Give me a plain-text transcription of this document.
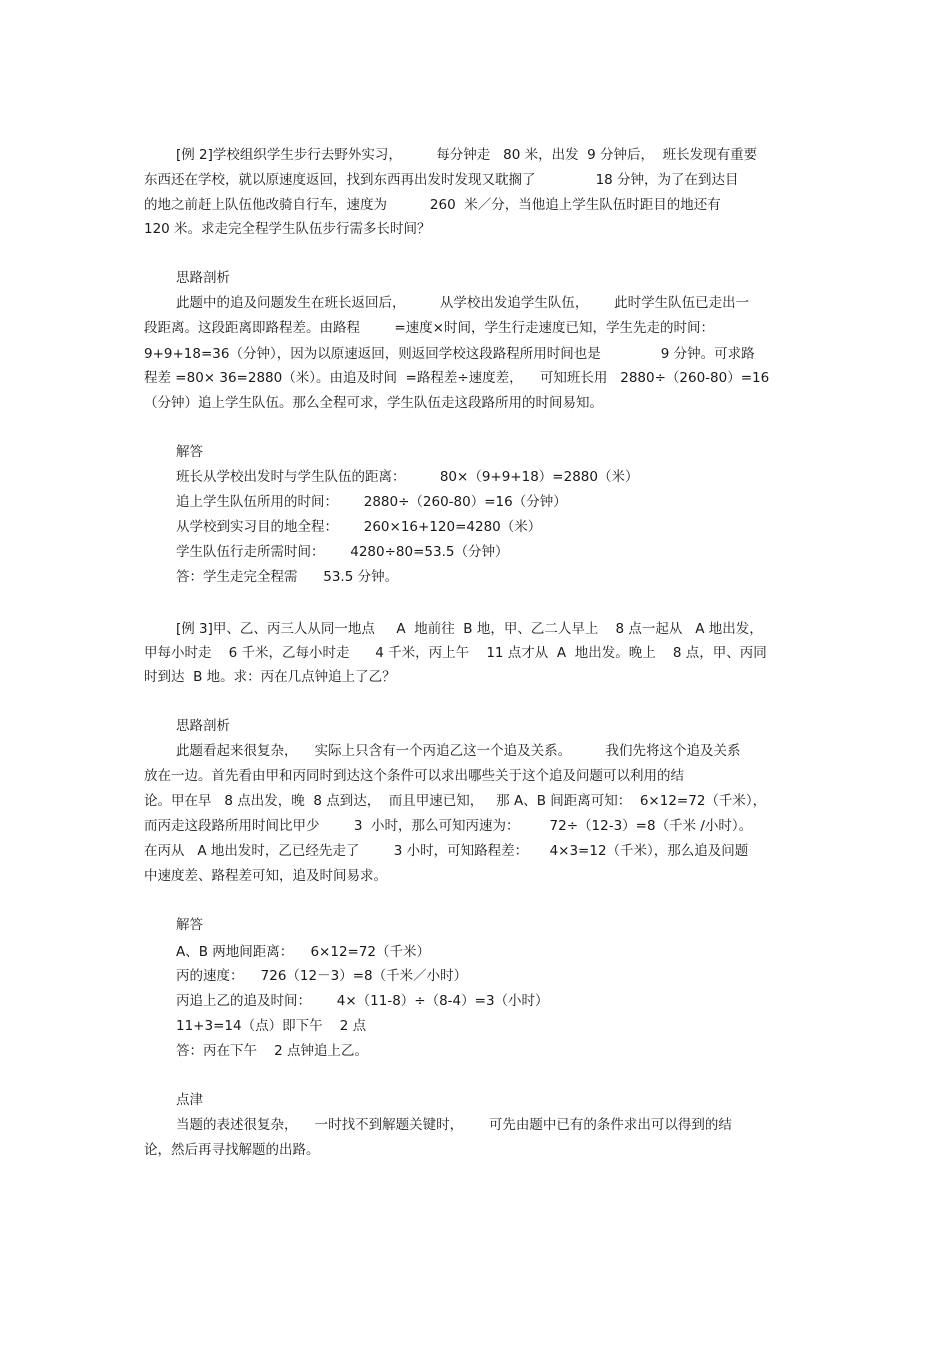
[例 2]学校组织学生步行去野外实习，        每分钟走   80 米，出发  9 分钟后，  班长发现有重要
东西还在学校，就以原速度返回，找到东西再出发时发现又耽搁了              18 分钟，为了在到达目
的地之前赶上队伍他改骑自行车，速度为          260  米／分，当他追上学生队伍时距目的地还有
120 米。求走完全程学生队伍步行需多长时间？
思路剖析
此题中的追及问题发生在班长返回后，        从学校出发追学生队伍，      此时学生队伍已走出一
段距离。这段距离即路程差。由路程        =速度×时间，学生行走速度已知，学生先走的时间：
9+9+18=36（分钟），因为以原速返回，则返回学校这段路程所用时间也是              9 分钟。可求路
程差 =80× 36=2880（米）。由追及时间  =路程差÷速度差，    可知班长用   2880÷（260-80）=16
（分钟）追上学生队伍。那么全程可求，学生队伍走这段路所用的时间易知。
解答
班长从学校出发时与学生队伍的距离：        80×（9+9+18）=2880（米）
追上学生队伍所用的时间：      2880÷（260-80）=16（分钟）
从学校到实习目的地全程：      260×16+120=4280（米）
学生队伍行走所需时间：      4280÷80=53.5（分钟）
答：学生走完全程需      53.5 分钟。
[例 3]甲、乙、丙三人从同一地点     A  地前往  B 地，甲、乙二人早上    8 点一起从   A 地出发，
甲每小时走    6 千米，乙每小时走      4 千米，丙上午    11 点才从  A  地出发。晚上    8 点，甲、丙同
时到达  B 地。求：丙在几点钟追上了乙？
思路剖析
此题看起来很复杂，    实际上只含有一个丙追乙这一个追及关系。        我们先将这个追及关系
放在一边。首先看由甲和丙同时到达这个条件可以求出哪些关于这个追及问题可以利用的结
论。甲在早   8 点出发，晚  8 点到达，  而且甲速已知，   那 A、B 间距离可知：  6×12=72（千米），
而丙走这段路所用时间比甲少        3  小时，那么可知丙速为：       72÷（12-3）=8（千米 /小时）。
在丙从   A 地出发时，乙已经先走了        3 小时，可知路程差：     4×3=12（千米），那么追及问题
中速度差、路程差可知，追及时间易求。
解答
A、B 两地间距离：    6×12=72（千米）
丙的速度：    726（12－3）=8（千米／小时）
丙追上乙的追及时间：      4×（11-8）÷（8-4）=3（小时）
11+3=14（点）即下午    2 点
答：丙在下午    2 点钟追上乙。
点津
当题的表述很复杂，    一时找不到解题关键时，      可先由题中已有的条件求出可以得到的结
论，然后再寻找解题的出路。
